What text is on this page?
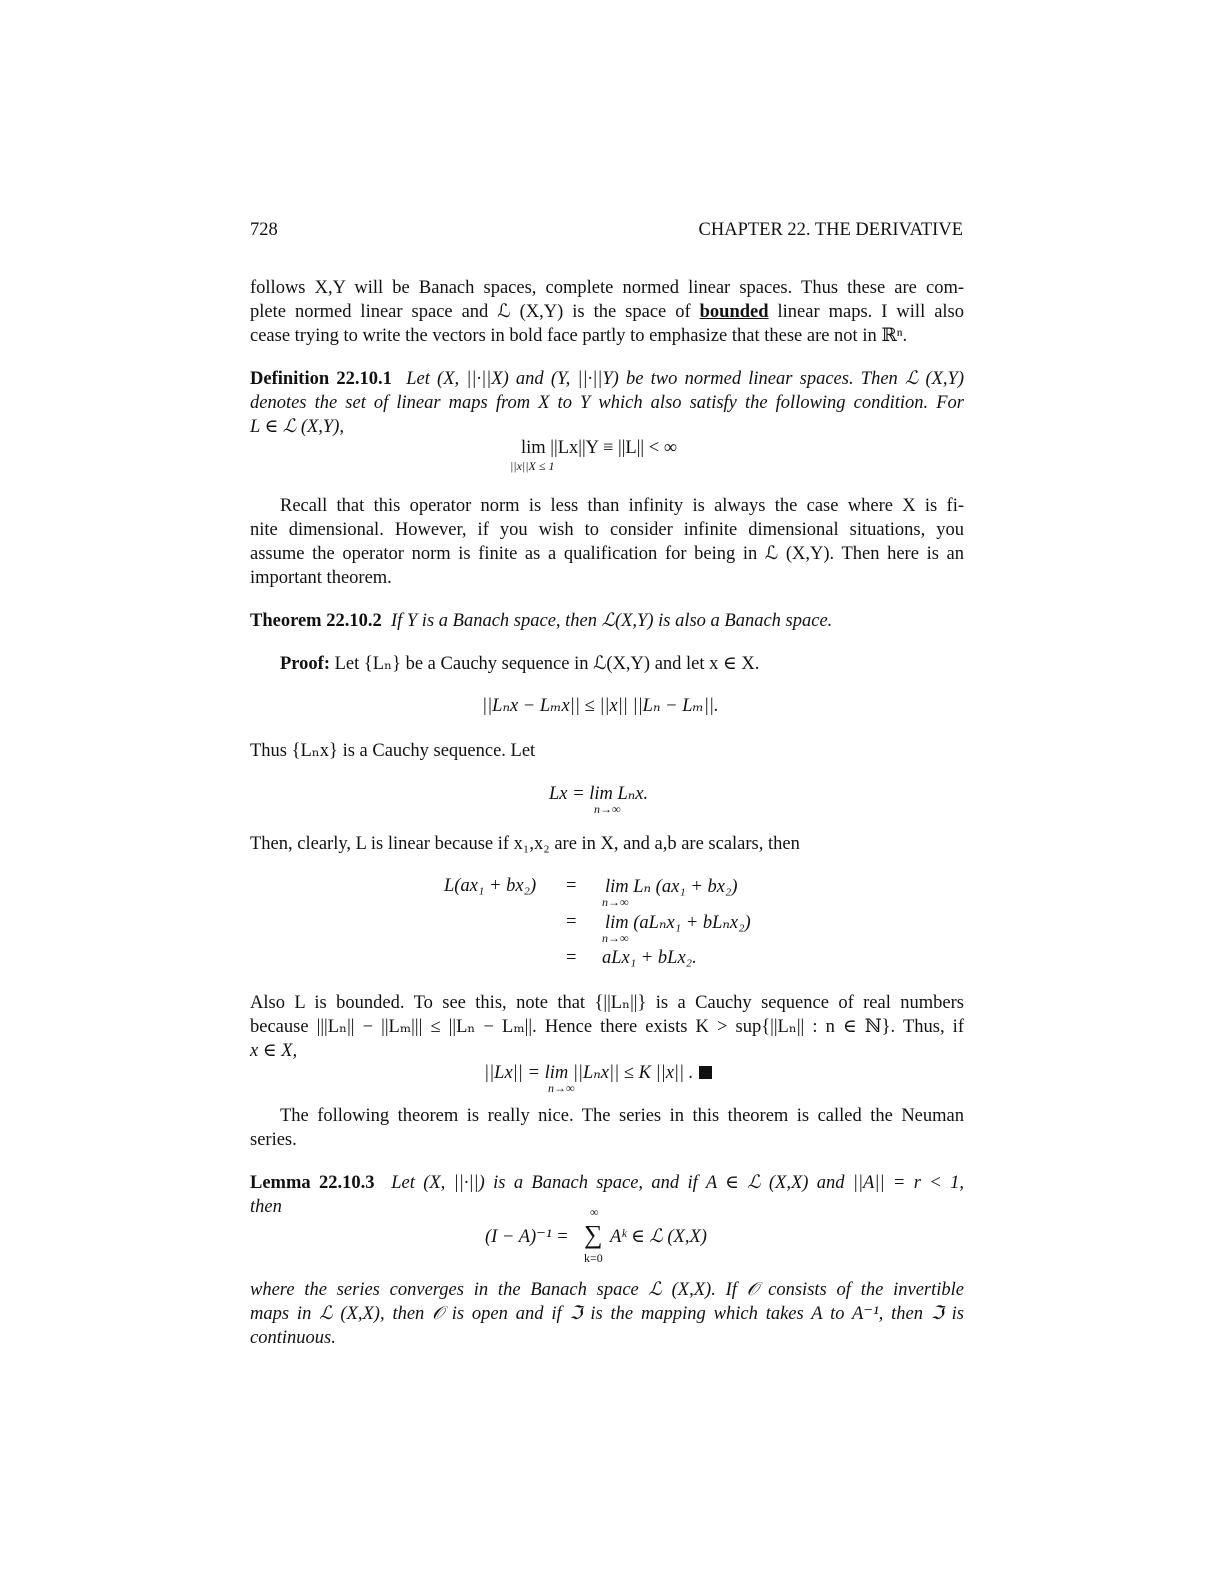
728	CHAPTER 22. THE DERIVATIVE
follows X,Y will be Banach spaces, complete normed linear spaces. Thus these are com-
plete normed linear space and ℒ (X,Y) is the space of bounded linear maps. I will also
cease trying to write the vectors in bold face partly to emphasize that these are not in ℝⁿ.
Definition 22.10.1 Let (X, ||·||X) and (Y, ||·||Y) be two normed linear spaces. Then ℒ (X,Y)
denotes the set of linear maps from X to Y which also satisfy the following condition. For
L ∈ ℒ (X,Y),
lim ||Lx||Y ≡ ||L|| < ∞
||x||X ≤ 1
Recall that this operator norm is less than infinity is always the case where X is fi-
nite dimensional. However, if you wish to consider infinite dimensional situations, you
assume the operator norm is finite as a qualification for being in ℒ (X,Y). Then here is an
important theorem.
Theorem 22.10.2 If Y is a Banach space, then ℒ(X,Y) is also a Banach space.
Proof: Let {Lₙ} be a Cauchy sequence in ℒ(X,Y) and let x ∈ X.
||Lₙx − Lₘx|| ≤ ||x|| ||Lₙ − Lₘ||.
Thus {Lₙx} is a Cauchy sequence. Let
Lx = lim Lₙx.
n→∞
Then, clearly, L is linear because if x₁,x₂ are in X, and a,b are scalars, then
L(ax₁ + bx₂) = lim Lₙ (ax₁ + bx₂)
n→∞
= lim (aLₙx₁ + bLₙx₂)
n→∞
= aLx₁ + bLx₂.
Also L is bounded. To see this, note that {||Lₙ||} is a Cauchy sequence of real numbers
because |||Lₙ|| − ||Lₘ||| ≤ ||Lₙ − Lₘ||. Hence there exists K > sup{||Lₙ|| : n ∈ ℕ}. Thus, if
x ∈ X,
||Lx|| = lim ||Lₙx|| ≤ K ||x|| .
n→∞
The following theorem is really nice. The series in this theorem is called the Neuman
series.
Lemma 22.10.3 Let (X, ||·||) is a Banach space, and if A ∈ ℒ (X,X) and ||A|| = r < 1,
then
(I − A)⁻¹ =
∞
∑
k=0
Aᵏ ∈ ℒ (X,X)
where the series converges in the Banach space ℒ (X,X). If 𝒪 consists of the invertible
maps in ℒ (X,X), then 𝒪 is open and if ℑ is the mapping which takes A to A⁻¹, then ℑ is
continuous.
